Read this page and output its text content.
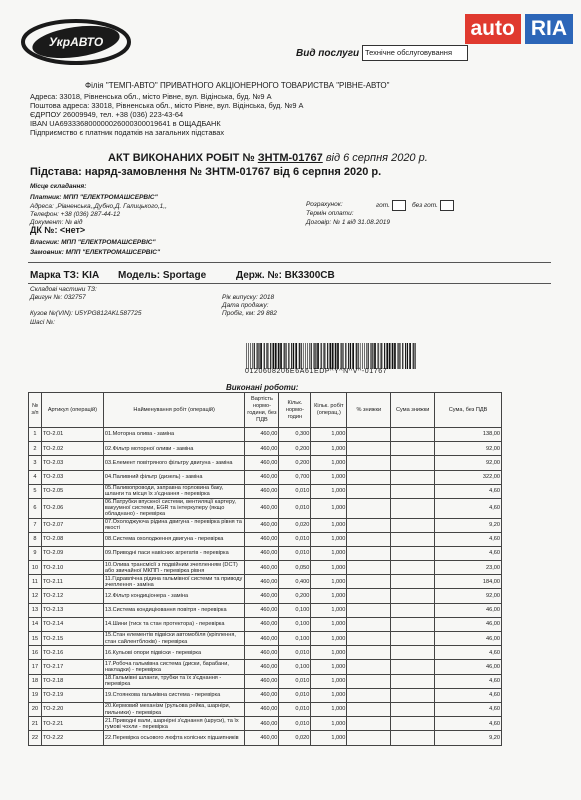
УкрАВТО
auto RIA
Вид послуги Технічне обслуговування
Філія "ТЕМП-АВТО" ПРИВАТНОГО АКЦІОНЕРНОГО ТОВАРИСТВА "РІВНЕ-АВТО"
Адреса: 33018, Рівненська обл., місто Рівне, вул. Відінська, буд. №9 А
Поштова адреса: 33018, Рівненська обл., місто Рівне, вул. Відінська, буд. №9 А
ЄДРПОУ 26009949, тел. +38 (036) 223-43-64
IBAN UA693336800000026000300019641 в ОЩАДБАНК
Підприємство є платник податків на загальних підставах
АКТ ВИКОНАНИХ РОБІТ № ЗНТМ-01767 від 6 серпня 2020 р.
Підстава: наряд-замовлення № ЗНТМ-01767 від 6 серпня 2020 р.
Місце складання:
Платник: МПП "ЕЛЕКТРОМАШСЕРВІС"
Адреса: ,Рівненська,,Дубно,Д. Галицького,1,,
Телефон: +38 (036) 287-44-12
Документ: № від
ДК №: <нет>
Власник: МПП "ЕЛЕКТРОМАШСЕРВІС"
Замовник: МПП "ЕЛЕКТРОМАШСЕРВІС"
Розрахунок:	гот.	без гот.
Термін оплати:
Договір: № 1 від 31.08.2019
Марка ТЗ: KIA Модель: Sportage	Держ. №: ВК3300СВ
Складові частини ТЗ:
Двигун №: 032757	Рік випуску: 2018
Дата продажу:
Кузов №(VIN): U5YPG812AKL587725	Пробіг, км: 29 882
Шасі №:
0120608206E6A61EDP^Y^N^V^-01767
Виконані роботи:
№ з/п	Артикул (операцій)	Найменування робіт (операцій)	Вартість нормо-години, без ПДВ	Кільк. нормо-годин	Кільк. робіт (операц.)	% знижки	Сума знижки	Сума, без ПДВ
1	ТО-2.01	01.Моторна олива - заміна	460,00	0,300	1,000			138,00
2	ТО-2.02	02.Фільтр моторної оливи - заміна	460,00	0,200	1,000			92,00
3	ТО-2.03	03.Елемент повітряного фільтру двигуна - заміна	460,00	0,200	1,000			92,00
4	ТО-2.03	04.Паливний фільтр (дизель) - заміна	460,00	0,700	1,000			322,00
5	ТО-2.05	05.Паливопроводи, заправна горловина баку, шланги та місця їх з'єднання - перевірка	460,00	0,010	1,000			4,60
6	ТО-2.06	06.Патрубки впускної системи, вентиляції картеру, вакуумної системи, EGR та інтеркулеру (якщо обладнано) - перевірка	460,00	0,010	1,000			4,60
7	ТО-2.07	07.Охолоджуюча рідина двигуна - перевірка рівня та якості	460,00	0,020	1,000			9,20
8	ТО-2.08	08.Система охолодження двигуна - перевірка	460,00	0,010	1,000			4,60
9	ТО-2.09	09.Приводні паси навісних агрегатів - перевірка	460,00	0,010	1,000			4,60
10	ТО-2.10	10.Олива трансмісії з подвійним зчепленням (DCT) або звичайної МКПП - перевірка рівня	460,00	0,050	1,000			23,00
11	ТО-2.11	11.Гідравлічна рідина гальмівної системи та приводу зчеплення - заміна	460,00	0,400	1,000			184,00
12	ТО-2.12	12.Фільтр кондиціонера - заміна	460,00	0,200	1,000			92,00
13	ТО-2.13	13.Система кондиціювання повітря - перевірка	460,00	0,100	1,000			46,00
14	ТО-2.14	14.Шини (тиск та стан протектора) - перевірка	460,00	0,100	1,000			46,00
15	ТО-2.15	15.Стан елементів підвіски автомобіля (кріплення, стан сайлентблоків) - перевірка	460,00	0,100	1,000			46,00
16	ТО-2.16	16.Кульові опори підвіски - перевірка	460,00	0,010	1,000			4,60
17	ТО-2.17	17.Робоча гальмівна система (диски, барабани, накладки) - перевірка	460,00	0,100	1,000			46,00
18	ТО-2.18	18.Гальмівні шланги, трубки та їх з'єднання - перевірка	460,00	0,010	1,000			4,60
19	ТО-2.19	19.Стоянкова гальмівна система - перевірка	460,00	0,010	1,000			4,60
20	ТО-2.20	20.Кермовий механізм (рульова рейка, шарніри, пильники) - перевірка	460,00	0,010	1,000			4,60
21	ТО-2.21	21.Приводні вали, шарнірні з'єднання (шруси), та їх гумові чохли - перевірка	460,00	0,010	1,000			4,60
22	ТО-2.22	22.Перевірка осьового люфта колісних підшипників	460,00	0,020	1,000			9,20
